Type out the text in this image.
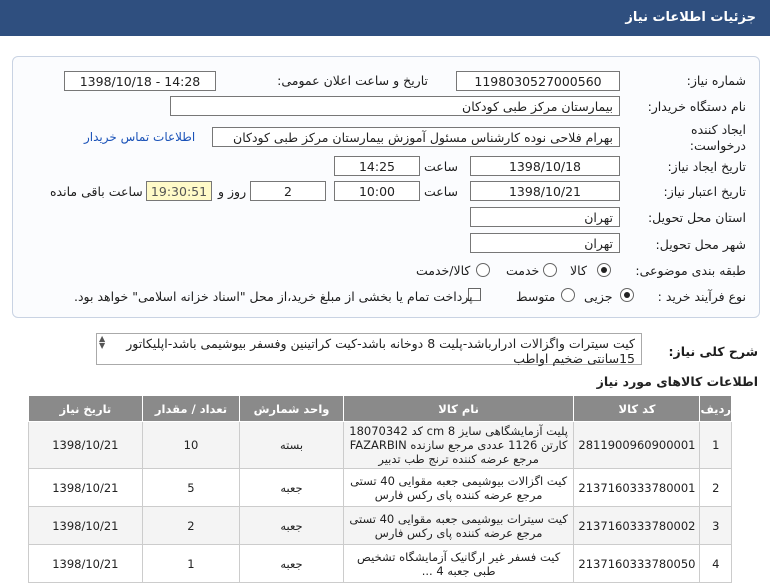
جزئیات اطلاعات نیاز
شماره نیاز:
1198030527000560
تاریخ و ساعت اعلان عمومی:
1398/10/18 - 14:28
نام دستگاه خریدار:
بیمارستان مرکز طبی کودکان
ایجاد کننده
درخواست:
بهرام فلاحی نوده کارشناس مسئول آموزش بیمارستان مرکز طبی کودکان
اطلاعات تماس خریدار
تاریخ ایجاد نیاز:
1398/10/18
ساعت
14:25
تاریخ اعتبار نیاز:
1398/10/21
ساعت
10:00
2
روز و
19:30:51
ساعت باقی مانده
استان محل تحویل:
تهران
شهر محل تحویل:
تهران
طبقه بندی موضوعی:
کالا
خدمت
کالا/خدمت
نوع فرآیند خرید :
جزیی
متوسط
پرداخت تمام یا بخشی از مبلغ خرید،از محل "اسناد خزانه اسلامی" خواهد بود.
شرح کلی نیاز:
کیت سیترات واگزالات ادرارباشد-پلیت 8 دوخانه باشد-کیت کراتینین وفسفر بیوشیمی باشد-اپلیکاتور 15سانتی ضخیم اواطب
▲
▼
اطلاعات کالاهای مورد نیاز
ردیف	کد کالا	نام کالا	واحد شمارش	تعداد / مقدار	تاریخ نیاز
1	2811900960900001	پلیت آزمایشگاهی سایز 8 cm کد 18070342 کارتن 1126 عددی مرجع سازنده FAZARBIN مرجع عرضه کننده ترنج طب تدبیر	بسته	10	1398/10/21
2	2137160333780001	کیت اگزالات بیوشیمی جعبه مقوایی 40 تستی مرجع عرضه کننده پای رکس فارس	جعبه	5	1398/10/21
3	2137160333780002	کیت سیترات بیوشیمی جعبه مقوایی 40 تستی مرجع عرضه کننده پای رکس فارس	جعبه	2	1398/10/21
4	2137160333780050	کیت فسفر غیر ارگانیک آزمایشگاه تشخیص طبی جعبه 4 ...	جعبه	1	1398/10/21
